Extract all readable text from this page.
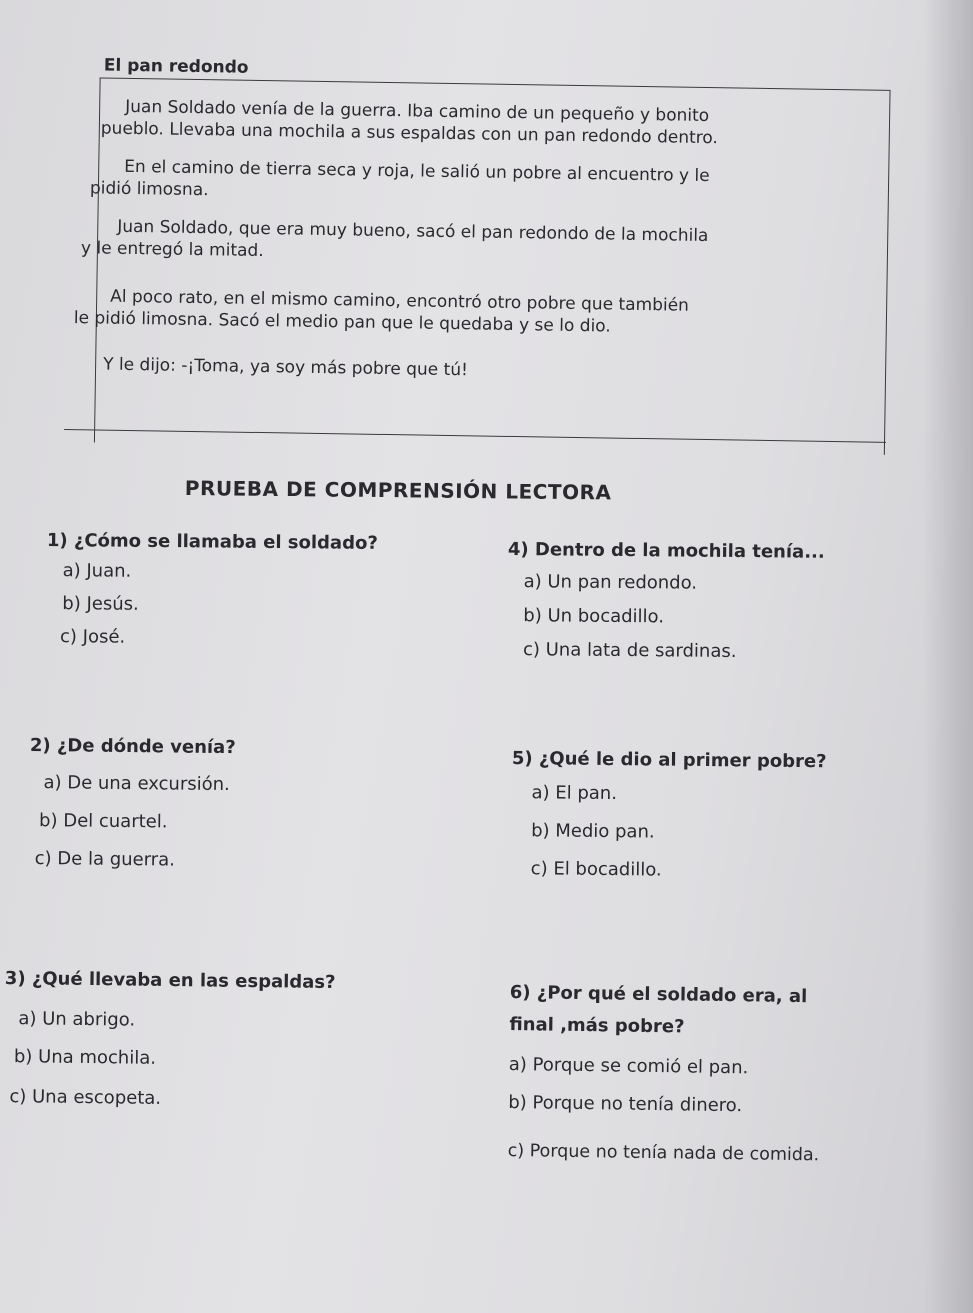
El pan redondo
Juan Soldado venía de la guerra. Iba camino de un pequeño y bonito
pueblo. Llevaba una mochila a sus espaldas con un pan redondo dentro.
En el camino de tierra seca y roja, le salió un pobre al encuentro y le
pidió limosna.
Juan Soldado, que era muy bueno, sacó el pan redondo de la mochila
y le entregó la mitad.
Al poco rato, en el mismo camino, encontró otro pobre que también
le pidió limosna. Sacó el medio pan que le quedaba y se lo dio.
Y le dijo: -¡Toma, ya soy más pobre que tú!
PRUEBA DE COMPRENSIÓN LECTORA
1) ¿Cómo se llamaba el soldado?
a) Juan.
b) Jesús.
c) José.
2) ¿De dónde venía?
a) De una excursión.
b) Del cuartel.
c) De la guerra.
3) ¿Qué llevaba en las espaldas?
a) Un abrigo.
b) Una mochila.
c) Una escopeta.
4) Dentro de la mochila tenía...
a) Un pan redondo.
b) Un bocadillo.
c) Una lata de sardinas.
5) ¿Qué le dio al primer pobre?
a) El pan.
b) Medio pan.
c) El bocadillo.
6) ¿Por qué el soldado era, al
final ,más pobre?
a) Porque se comió el pan.
b) Porque no tenía dinero.
c) Porque no tenía nada de comida.
